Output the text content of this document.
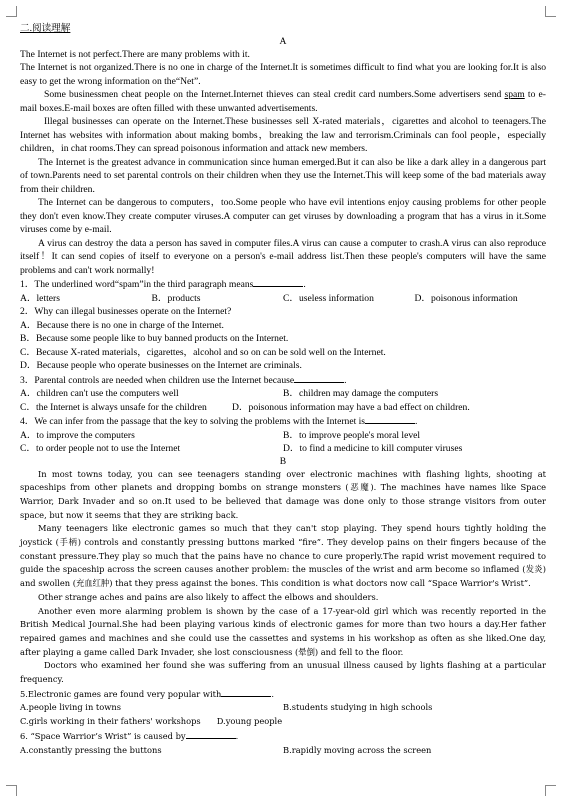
二.阅读理解
A

The Internet is not perfect.There are many problems with it.

The Internet is not organized.There is no one in charge of the Internet.It is sometimes difficult to find what you are looking for.It is also easy to get the wrong information on the“Net”.

Some businessmen cheat people on the Internet.Internet thieves can steal credit card numbers.Some advertisers send spam to e-mail boxes.E-mail boxes are often filled with these unwanted advertisements.

Illegal businesses can operate on the Internet.These businesses sell X-rated materials，cigarettes and alcohol to teenagers.The Internet has websites with information about making bombs，breaking the law and terrorism.Criminals can fool people，especially children，in chat rooms.They can spread poisonous information and attack new members.

The Internet is the greatest advance in communication since human emerged.But it can also be like a dark alley in a dangerous part of town.Parents need to set parental controls on their children when they use the Internet.This will keep some of the bad materials away from their children.

The Internet can be dangerous to computers，too.Some people who have evil intentions enjoy causing problems for other people they don't even know.They create computer viruses.A computer can get viruses by downloading a program that has a virus in it.Some viruses come by e-mail.

A virus can destroy the data a person has saved in computer files.A virus can cause a computer to crash.A virus can also reproduce itself！It can send copies of itself to everyone on a person's e-mail address list.Then these people's computers will have the same problems and can't work normally!

1．The underlined word“spam”in the third paragraph means	.
A．letters	B．products	C．useless information	D．poisonous information
2．Why can illegal businesses operate on the Internet?
A．Because there is no one in charge of the Internet.
B．Because some people like to buy banned products on the Internet.
C．Because X-rated materials，cigarettes，alcohol and so on can be sold well on the Internet.
D．Because people who operate businesses on the Internet are criminals.
3．Parental controls are needed when children use the Internet because	.
A．children can't use the computers well	B．children may damage the computers
C．the Internet is always unsafe for the children	D．poisonous information may have a bad effect on children.
4．We can infer from the passage that the key to solving the problems with the Internet is	.
A．to improve the computers	B．to improve people's moral level
C．to order people not to use the Internet	D．to find a medicine to kill computer viruses
B

In most towns today, you can see teenagers standing over electronic machines with flashing lights, shooting at spaceships from other planets and dropping bombs on strange monsters (恶魔). The machines have names like Space Warrior, Dark Invader and so on.It used to be believed that damage was done only to those strange visitors from outer space, but now it seems that they are striking back.

Many teenagers like electronic games so much that they can't stop playing. They spend hours tightly holding the joystick (手柄) controls and constantly pressing buttons marked “fire”. They develop pains on their fingers because of the constant pressure.They play so much that the pains have no chance to cure properly.The rapid wrist movement required to guide the spaceship across the screen causes another problem: the muscles of the wrist and arm become so inflamed (发炎) and swollen (充血红肿) that they press against the bones. This condition is what doctors now call “Space Warrior's Wrist”.

Other strange aches and pains are also likely to affect the elbows and shoulders.

Another even more alarming problem is shown by the case of a 17-year-old girl which was recently reported in the British Medical Journal.She had been playing various kinds of electronic games for more than two hours a day.Her father repaired games and machines and she could use the cassettes and systems in his workshop as often as she liked.One day, after playing a game called Dark Invader, she lost consciousness (晕倒) and fell to the floor.

Doctors who examined her found she was suffering from an unusual illness caused by lights flashing at a particular frequency.

5.Electronic games are found very popular with	.
A.people living in towns	B.students studying in high schools
C.girls working in their fathers' workshops D.young people
6. “Space Warrior’s Wrist” is caused by	.
A.constantly pressing the buttons	B.rapidly moving across the screen
